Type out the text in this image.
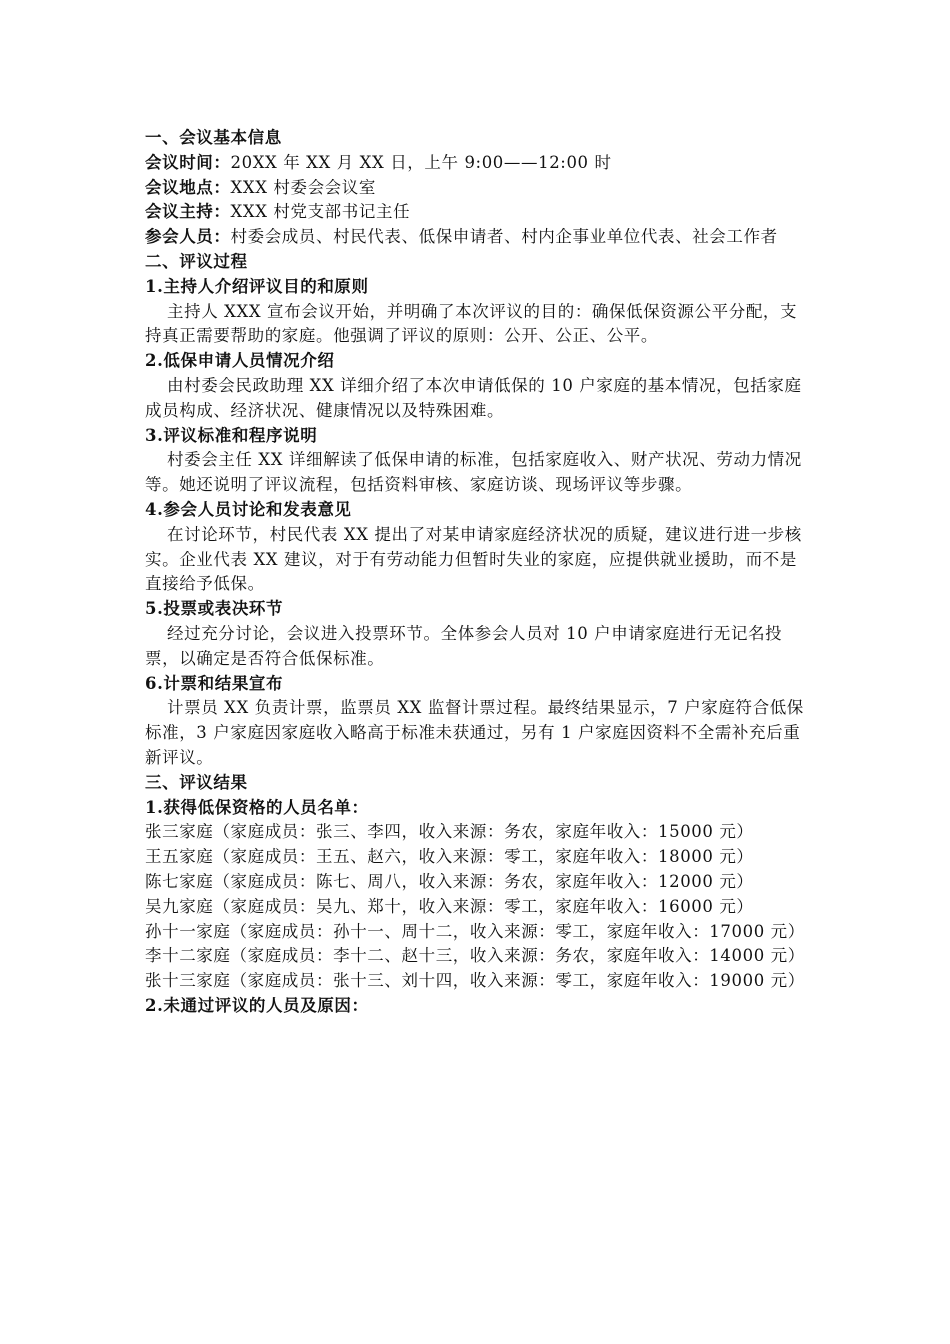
一、会议基本信息

会议时间：20XX 年 XX 月 XX 日，上午 9:00——12:00 时

会议地点：XXX 村委会会议室

会议主持：XXX 村党支部书记主任

参会人员：村委会成员、村民代表、低保申请者、村内企事业单位代表、社会工作者

二、评议过程

1.主持人介绍评议目的和原则

主持人 XXX 宣布会议开始，并明确了本次评议的目的：确保低保资源公平分配，支持真正需要帮助的家庭。他强调了评议的原则：公开、公正、公平。

2.低保申请人员情况介绍

由村委会民政助理 XX 详细介绍了本次申请低保的 10 户家庭的基本情况，包括家庭成员构成、经济状况、健康情况以及特殊困难。

3.评议标准和程序说明

村委会主任 XX 详细解读了低保申请的标准，包括家庭收入、财产状况、劳动力情况等。她还说明了评议流程，包括资料审核、家庭访谈、现场评议等步骤。

4.参会人员讨论和发表意见

在讨论环节，村民代表 XX 提出了对某申请家庭经济状况的质疑，建议进行进一步核实。企业代表 XX 建议，对于有劳动能力但暂时失业的家庭，应提供就业援助，而不是直接给予低保。

5.投票或表决环节

经过充分讨论，会议进入投票环节。全体参会人员对 10 户申请家庭进行无记名投票，以确定是否符合低保标准。

6.计票和结果宣布

计票员 XX 负责计票，监票员 XX 监督计票过程。最终结果显示，7 户家庭符合低保标准，3 户家庭因家庭收入略高于标准未获通过，另有 1 户家庭因资料不全需补充后重新评议。

三、评议结果

1.获得低保资格的人员名单：

张三家庭（家庭成员：张三、李四，收入来源：务农，家庭年收入：15000 元）

王五家庭（家庭成员：王五、赵六，收入来源：零工，家庭年收入：18000 元）

陈七家庭（家庭成员：陈七、周八，收入来源：务农，家庭年收入：12000 元）

吴九家庭（家庭成员：吴九、郑十，收入来源：零工，家庭年收入：16000 元）

孙十一家庭（家庭成员：孙十一、周十二，收入来源：零工，家庭年收入：17000 元）

李十二家庭（家庭成员：李十二、赵十三，收入来源：务农，家庭年收入：14000 元）

张十三家庭（家庭成员：张十三、刘十四，收入来源：零工，家庭年收入：19000 元）

2.未通过评议的人员及原因：
